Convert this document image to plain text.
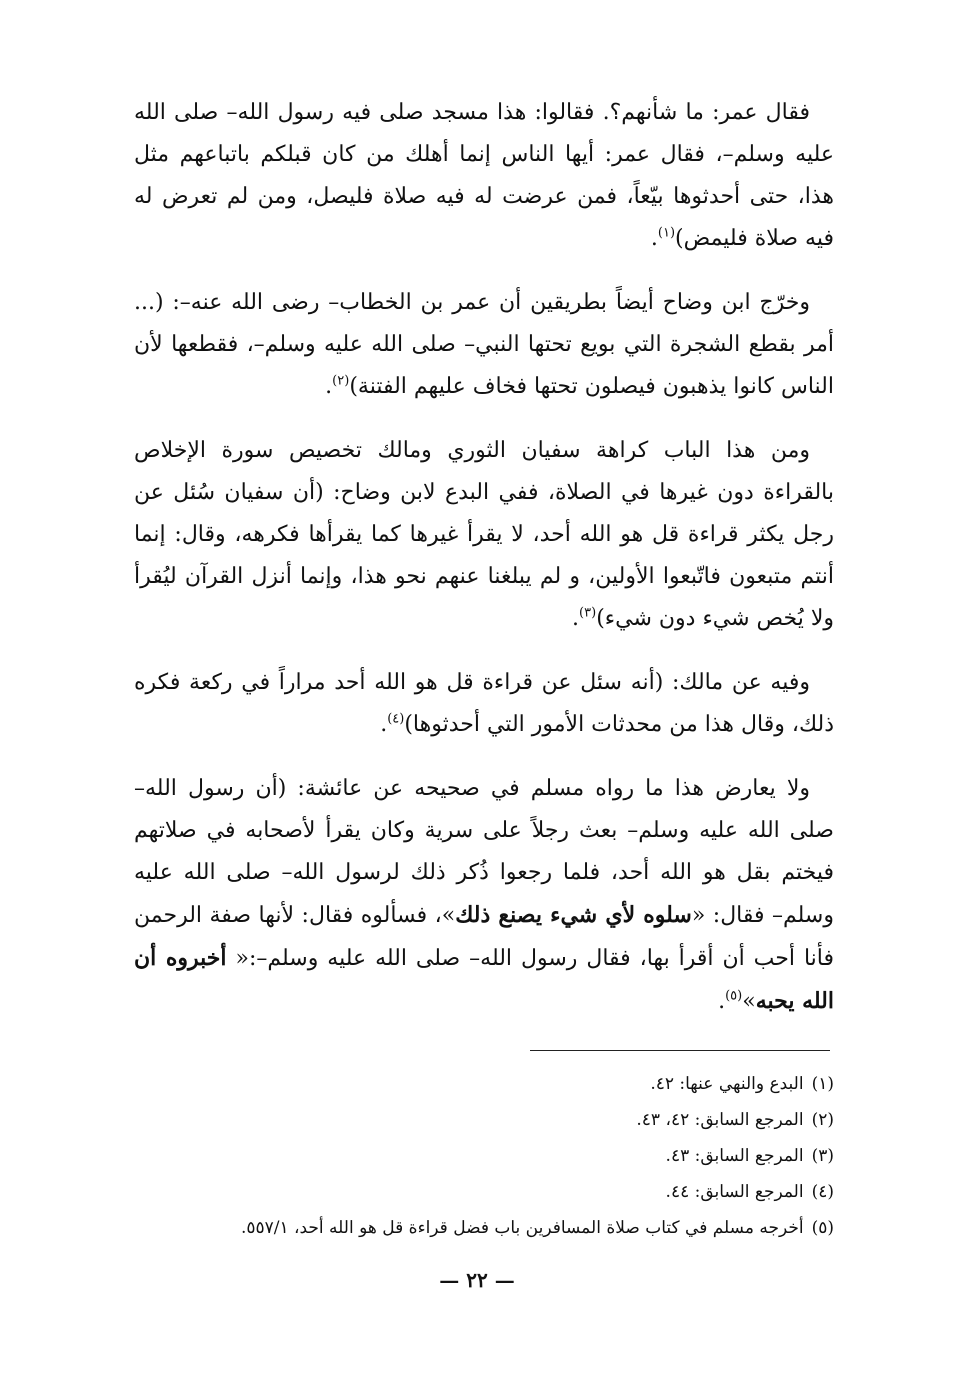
فقال عمر: ما شأنهم؟. فقالوا: هذا مسجد صلى فيه رسول الله– صلى الله عليه وسلم–، فقال عمر: أيها الناس إنما أهلك من كان قبلكم باتباعهم مثل هذا، حتى أحدثوها بيّعاً، فمن عرضت له فيه صلاة فليصل، ومن لم تعرض له فيه صلاة فليمض)$^{(١)}$.

وخرّج ابن وضاح أيضاً بطريقين أن عمر بن الخطاب– رضى الله عنه–: (... أمر بقطع الشجرة التي بويع تحتها النبي– صلى الله عليه وسلم–، فقطعها لأن الناس كانوا يذهبون فيصلون تحتها فخاف عليهم الفتنة)$^{(٢)}$.

ومن هذا الباب كراهة سفيان الثوري ومالك تخصيص سورة الإخلاص بالقراءة دون غيرها في الصلاة، ففي البدع لابن وضاح: (أن سفيان سُئل عن رجل يكثر قراءة قل هو الله أحد، لا يقرأ غيرها كما يقرأها فكرهه، وقال: إنما أنتم متبعون فاتّبعوا الأولين، و لم يبلغنا عنهم نحو هذا، وإنما أنزل القرآن ليُقرأ ولا يُخص شيء دون شيء)$^{(٣)}$.

وفيه عن مالك: (أنه سئل عن قراءة قل هو الله أحد مراراً في ركعة فكره ذلك، وقال هذا من محدثات الأمور التي أحدثوها)$^{(٤)}$.

ولا يعارض هذا ما رواه مسلم في صحيحه عن عائشة: (أن رسول الله– صلى الله عليه وسلم– بعث رجلاً على سرية وكان يقرأ لأصحابه في صلاتهم فيختم بقل هو الله أحد، فلما رجعوا ذُكر ذلك لرسول الله– صلى الله عليه وسلم– فقال: «سلوه لأي شيء يصنع ذلك»، فسألوه فقال: لأنها صفة الرحمن فأنا أحب أن أقرأ بها، فقال رسول الله– صلى الله عليه وسلم–:« أخبروه أن الله يحبه»$^{(٥)}$.

(١)البدع والنهي عنها: ٤٢.

(٢)المرجع السابق: ٤٢، ٤٣.

(٣)المرجع السابق: ٤٣.

(٤)المرجع السابق: ٤٤.

(٥)أخرجه مسلم في كتاب صلاة المسافرين باب فضل قراءة قل هو الله أحد، ٥٥٧/١.

— ٢٢ —
